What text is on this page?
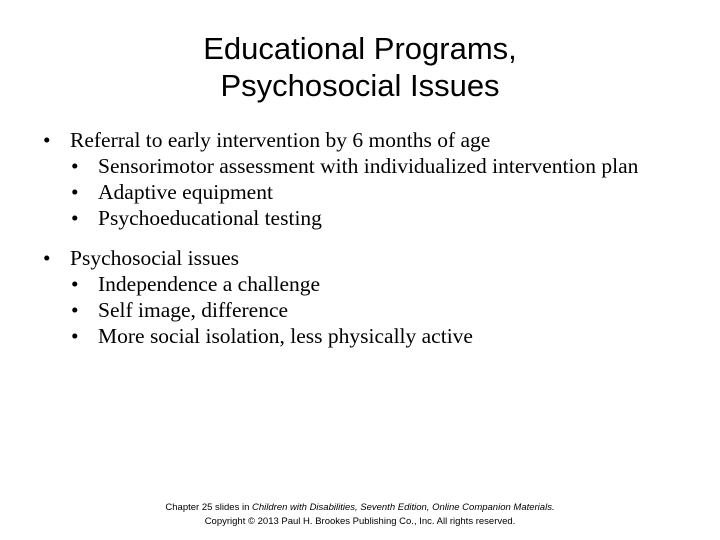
Educational Programs,
Psychosocial Issues
• Referral to early intervention by 6 months of age
• Sensorimotor assessment with individualized intervention plan
• Adaptive equipment
• Psychoeducational testing
• Psychosocial issues
• Independence a challenge
• Self image, difference
• More social isolation, less physically active
Chapter 25 slides in Children with Disabilities, Seventh Edition, Online Companion Materials.
Copyright © 2013 Paul H. Brookes Publishing Co., Inc. All rights reserved.
